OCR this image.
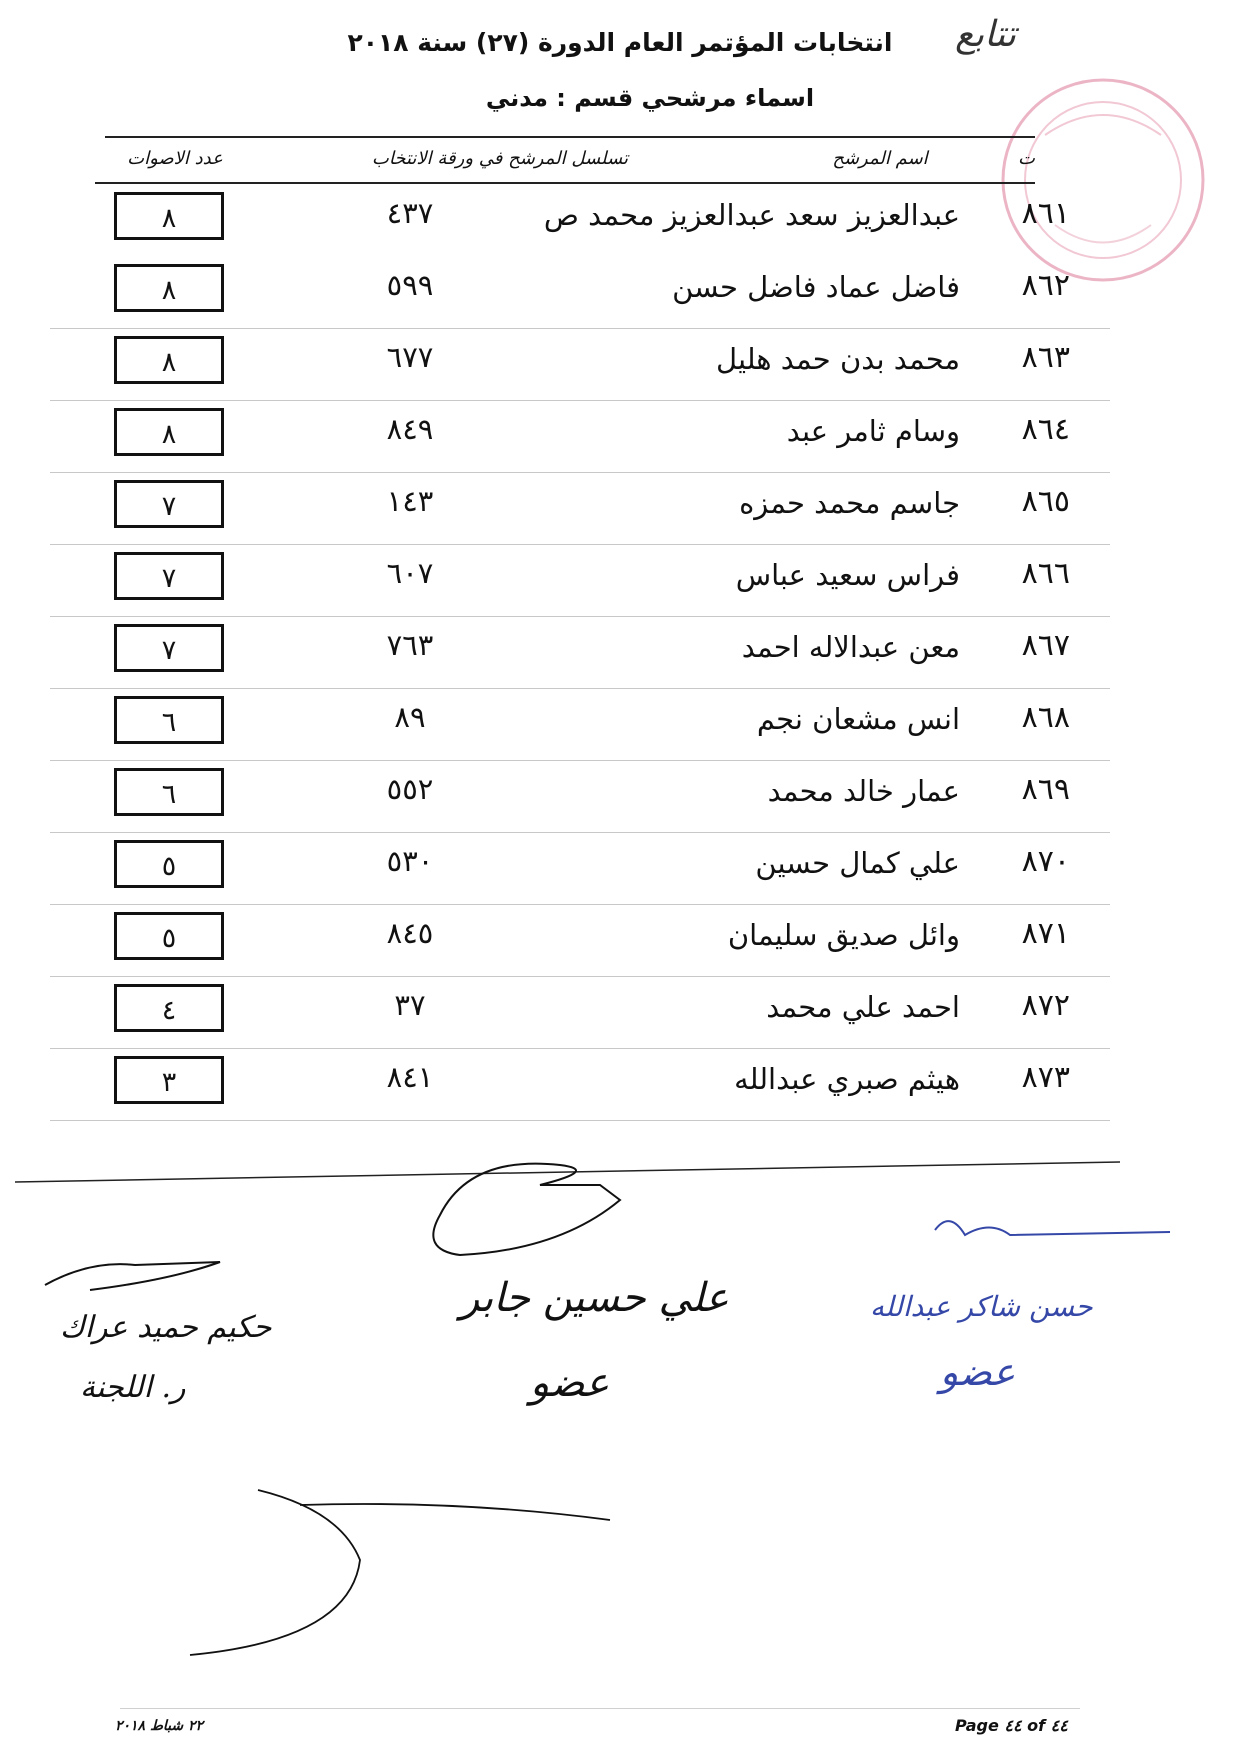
تتابع
انتخابات المؤتمر العام الدورة (٢٧) سنة ٢٠١٨
اسماء مرشحي قسم : مدني
ت
اسم المرشح
تسلسل المرشح في ورقة الانتخاب
عدد الاصوات
٨٦١
عبدالعزيز سعد عبدالعزيز محمد ص
٤٣٧
٨
٨٦٢
فاضل عماد فاضل حسن
٥٩٩
٨
٨٦٣
محمد بدن حمد هليل
٦٧٧
٨
٨٦٤
وسام ثامر عبد
٨٤٩
٨
٨٦٥
جاسم محمد حمزه
١٤٣
٧
٨٦٦
فراس سعيد عباس
٦٠٧
٧
٨٦٧
معن عبدالاله احمد
٧٦٣
٧
٨٦٨
انس مشعان نجم
٨٩
٦
٨٦٩
عمار خالد محمد
٥٥٢
٦
٨٧٠
علي كمال حسين
٥٣٠
٥
٨٧١
وائل صديق سليمان
٨٤٥
٥
٨٧٢
احمد علي محمد
٣٧
٤
٨٧٣
هيثم صبري عبدالله
٨٤١
٣
حكيم حميد عراك
ر. اللجنة
علي حسين جابر
عضو
حسن شاكر عبدالله
عضو
٢٢ شباط ٢٠١٨	Page ٤٤ of ٤٤
